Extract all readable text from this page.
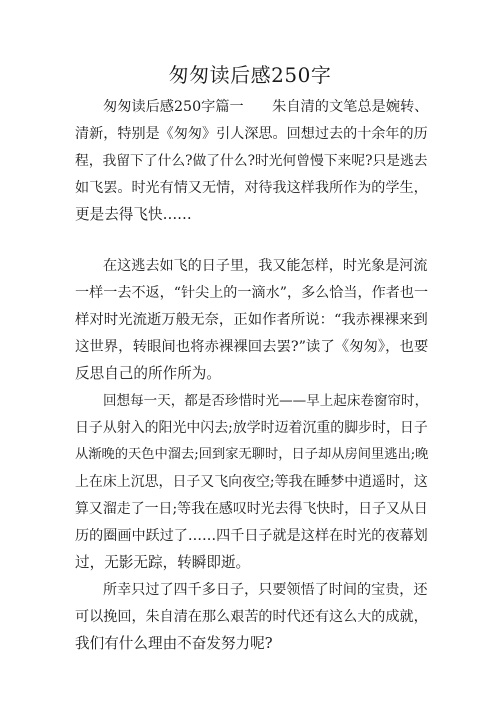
匆匆读后感250字
匆匆读后感250字篇一　　朱自清的文笔总是婉转、
清新，特别是《匆匆》引人深思。回想过去的十余年的历
程，我留下了什么?做了什么?时光何曾慢下来呢?只是逃去
如飞罢。时光有情又无情，对待我这样我所作为的学生，
更是去得飞快……
在这逃去如飞的日子里，我又能怎样，时光象是河流
一样一去不返，“针尖上的一滴水”，多么恰当，作者也一
样对时光流逝万般无奈，正如作者所说：“我赤裸裸来到
这世界，转眼间也将赤裸裸回去罢?”读了《匆匆》，也要
反思自己的所作所为。
回想每一天，都是否珍惜时光——早上起床卷窗帘时，
日子从射入的阳光中闪去;放学时迈着沉重的脚步时，日子
从渐晚的天色中溜去;回到家无聊时，日子却从房间里逃出;晚
上在床上沉思，日子又飞向夜空;等我在睡梦中逍遥时，这
算又溜走了一日;等我在感叹时光去得飞快时，日子又从日
历的圈画中跃过了……四千日子就是这样在时光的夜幕划
过，无影无踪，转瞬即逝。
所幸只过了四千多日子，只要领悟了时间的宝贵，还
可以挽回，朱自清在那么艰苦的时代还有这么大的成就，
我们有什么理由不奋发努力呢?
